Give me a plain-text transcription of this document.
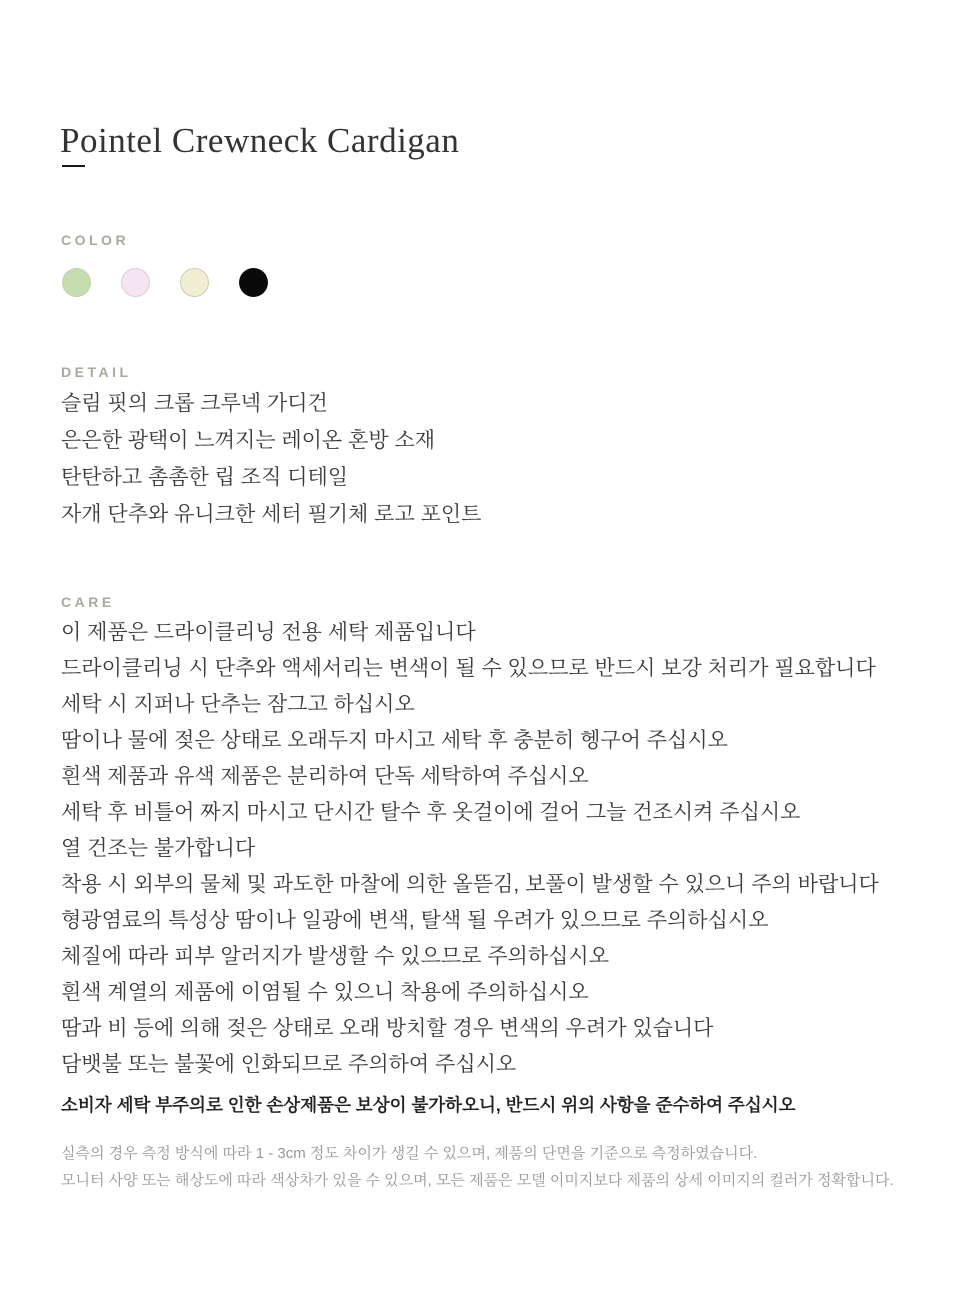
Pointel Crewneck Cardigan
COLOR
DETAIL
슬림 핏의 크롭 크루넥 가디건
은은한 광택이 느껴지는 레이온 혼방 소재
탄탄하고 촘촘한 립 조직 디테일
자개 단추와 유니크한 세터 필기체 로고 포인트
CARE
이 제품은 드라이클리닝 전용 세탁 제품입니다
드라이클리닝 시 단추와 액세서리는 변색이 될 수 있으므로 반드시 보강 처리가 필요합니다
세탁 시 지퍼나 단추는 잠그고 하십시오
땀이나 물에 젖은 상태로 오래두지 마시고 세탁 후 충분히 헹구어 주십시오
흰색 제품과 유색 제품은 분리하여 단독 세탁하여 주십시오
세탁 후 비틀어 짜지 마시고 단시간 탈수 후 옷걸이에 걸어 그늘 건조시켜 주십시오
열 건조는 불가합니다
착용 시 외부의 물체 및 과도한 마찰에 의한 올뜯김, 보풀이 발생할 수 있으니 주의 바랍니다
형광염료의 특성상 땀이나 일광에 변색, 탈색 될 우려가 있으므로 주의하십시오
체질에 따라 피부 알러지가 발생할 수 있으므로 주의하십시오
흰색 계열의 제품에 이염될 수 있으니 착용에 주의하십시오
땀과 비 등에 의해 젖은 상태로 오래 방치할 경우 변색의 우려가 있습니다
담뱃불 또는 불꽃에 인화되므로 주의하여 주십시오
소비자 세탁 부주의로 인한 손상제품은 보상이 불가하오니, 반드시 위의 사항을 준수하여 주십시오
실측의 경우 측정 방식에 따라 1 - 3cm 정도 차이가 생길 수 있으며, 제품의 단면을 기준으로 측정하였습니다.
모니터 사양 또는 해상도에 따라 색상차가 있을 수 있으며, 모든 제품은 모델 이미지보다 제품의 상세 이미지의 컬러가 정확합니다.
